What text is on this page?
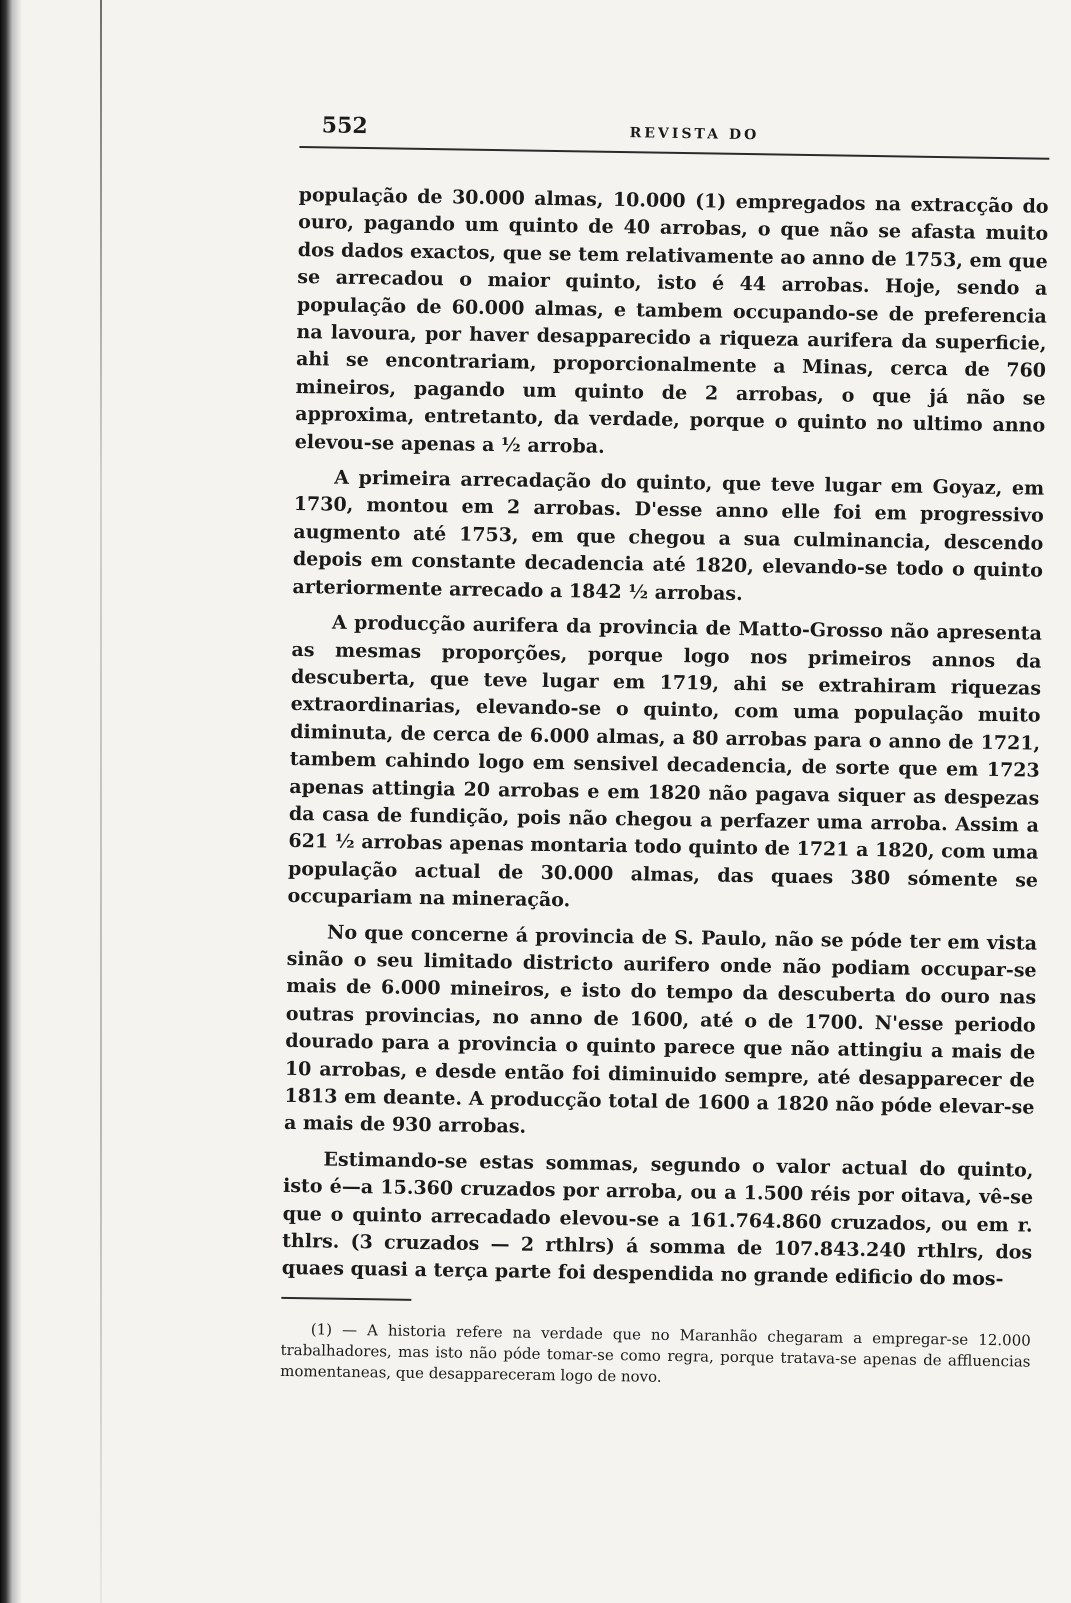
552	REVISTA DO

população de 30.000 almas, 10.000 (1) empregados na extracção do ouro, pagando um quinto de 40 arrobas, o que não se afasta muito dos dados exactos, que se tem relativamente ao anno de 1753, em que se arrecadou o maior quinto, isto é 44 arrobas. Hoje, sendo a população de 60.000 almas, e tambem occupando-se de preferencia na lavoura, por haver desapparecido a riqueza aurifera da superficie, ahi se encontrariam, proporcionalmente a Minas, cerca de 760 mineiros, pagando um quinto de 2 arrobas, o que já não se approxima, entretanto, da verdade, porque o quinto no ultimo anno elevou-se apenas a ½ arroba.

A primeira arrecadação do quinto, que teve lugar em Goyaz, em 1730, montou em 2 arrobas. D'esse anno elle foi em progressivo augmento até 1753, em que chegou a sua culminancia, descendo depois em constante decadencia até 1820, elevando-se todo o quinto arteriormente arrecado a 1842 ½ arrobas.

A producção aurifera da provincia de Matto-Grosso não apresenta as mesmas proporções, porque logo nos primeiros annos da descuberta, que teve lugar em 1719, ahi se extrahiram riquezas extraordinarias, elevando-se o quinto, com uma população muito diminuta, de cerca de 6.000 almas, a 80 arrobas para o anno de 1721, tambem cahindo logo em sensivel decadencia, de sorte que em 1723 apenas attingia 20 arrobas e em 1820 não pagava siquer as despezas da casa de fundição, pois não chegou a perfazer uma arroba. Assim a 621 ½ arrobas apenas montaria todo quinto de 1721 a 1820, com uma população actual de 30.000 almas, das quaes 380 sómente se occupariam na mineração.

No que concerne á provincia de S. Paulo, não se póde ter em vista sinão o seu limitado districto aurifero onde não podiam occupar-se mais de 6.000 mineiros, e isto do tempo da descuberta do ouro nas outras provincias, no anno de 1600, até o de 1700. N'esse periodo dourado para a provincia o quinto parece que não attingiu a mais de 10 arrobas, e desde então foi diminuido sempre, até desapparecer de 1813 em deante. A producção total de 1600 a 1820 não póde elevar-se a mais de 930 arrobas.

Estimando-se estas sommas, segundo o valor actual do quinto, isto é—a 15.360 cruzados por arroba, ou a 1.500 réis por oitava, vê-se que o quinto arrecadado elevou-se a 161.764.860 cruzados, ou em r. thlrs. (3 cruzados — 2 rthlrs) á somma de 107.843.240 rthlrs, dos quaes quasi a terça parte foi despendida no grande edificio do mos-

(1) — A historia refere na verdade que no Maranhão chegaram a empregar-se 12.000 trabalhadores, mas isto não póde tomar-se como regra, porque tratava-se apenas de affluencias momentaneas, que desappareceram logo de novo.
